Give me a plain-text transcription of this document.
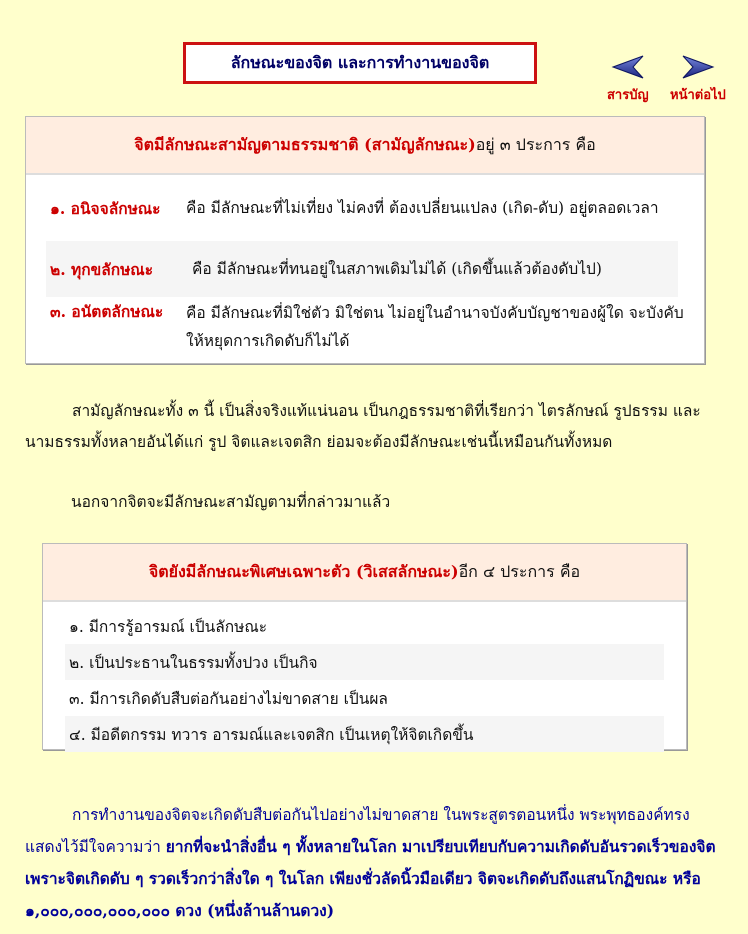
ลักษณะของจิต และการทำงานของจิต
สารบัญ หน้าต่อไป
จิตมีลักษณะสามัญตามธรรมชาติ (สามัญลักษณะ) อยู่ ๓ ประการ คือ
๑. อนิจจลักษณะ	คือ มีลักษณะที่ไม่เที่ยง ไม่คงที่ ต้องเปลี่ยนแปลง (เกิด-ดับ) อยู่ตลอดเวลา
๒. ทุกขลักษณะ	คือ มีลักษณะที่ทนอยู่ในสภาพเดิมไม่ได้ (เกิดขึ้นแล้วต้องดับไป)
๓. อนัตตลักษณะ	คือ มีลักษณะที่มิใช่ตัว มิใช่ตน ไม่อยู่ในอำนาจบังคับบัญชาของผู้ใด จะบังคับให้หยุดการเกิดดับก็ไม่ได้
สามัญลักษณะทั้ง ๓ นี้ เป็นสิ่งจริงแท้แน่นอน เป็นกฎธรรมชาติที่เรียกว่า ไตรลักษณ์ รูปธรรม และนามธรรมทั้งหลายอันได้แก่ รูป จิตและเจตสิก ย่อมจะต้องมีลักษณะเช่นนี้เหมือนกันทั้งหมด
นอกจากจิตจะมีลักษณะสามัญตามที่กล่าวมาแล้ว
จิตยังมีลักษณะพิเศษเฉพาะตัว (วิเสสลักษณะ) อีก ๔ ประการ คือ
๑. มีการรู้อารมณ์ เป็นลักษณะ
๒. เป็นประธานในธรรมทั้งปวง เป็นกิจ
๓. มีการเกิดดับสืบต่อกันอย่างไม่ขาดสาย เป็นผล
๔. มีอดีตกรรม ทวาร อารมณ์และเจตสิก เป็นเหตุให้จิตเกิดขึ้น
การทำงานของจิตจะเกิดดับสืบต่อกันไปอย่างไม่ขาดสาย ในพระสูตรตอนหนึ่ง พระพุทธองค์ทรงแสดงไว้มีใจความว่า ยากที่จะนำสิ่งอื่น ๆ ทั้งหลายในโลก มาเปรียบเทียบกับความเกิดดับอันรวดเร็วของจิต เพราะจิตเกิดดับ ๆ รวดเร็วกว่าสิ่งใด ๆ ในโลก เพียงชั่วลัดนิ้วมือเดียว จิตจะเกิดดับถึงแสนโกฏิขณะ หรือ ๑,๐๐๐,๐๐๐,๐๐๐,๐๐๐ ดวง (หนึ่งล้านล้านดวง)
